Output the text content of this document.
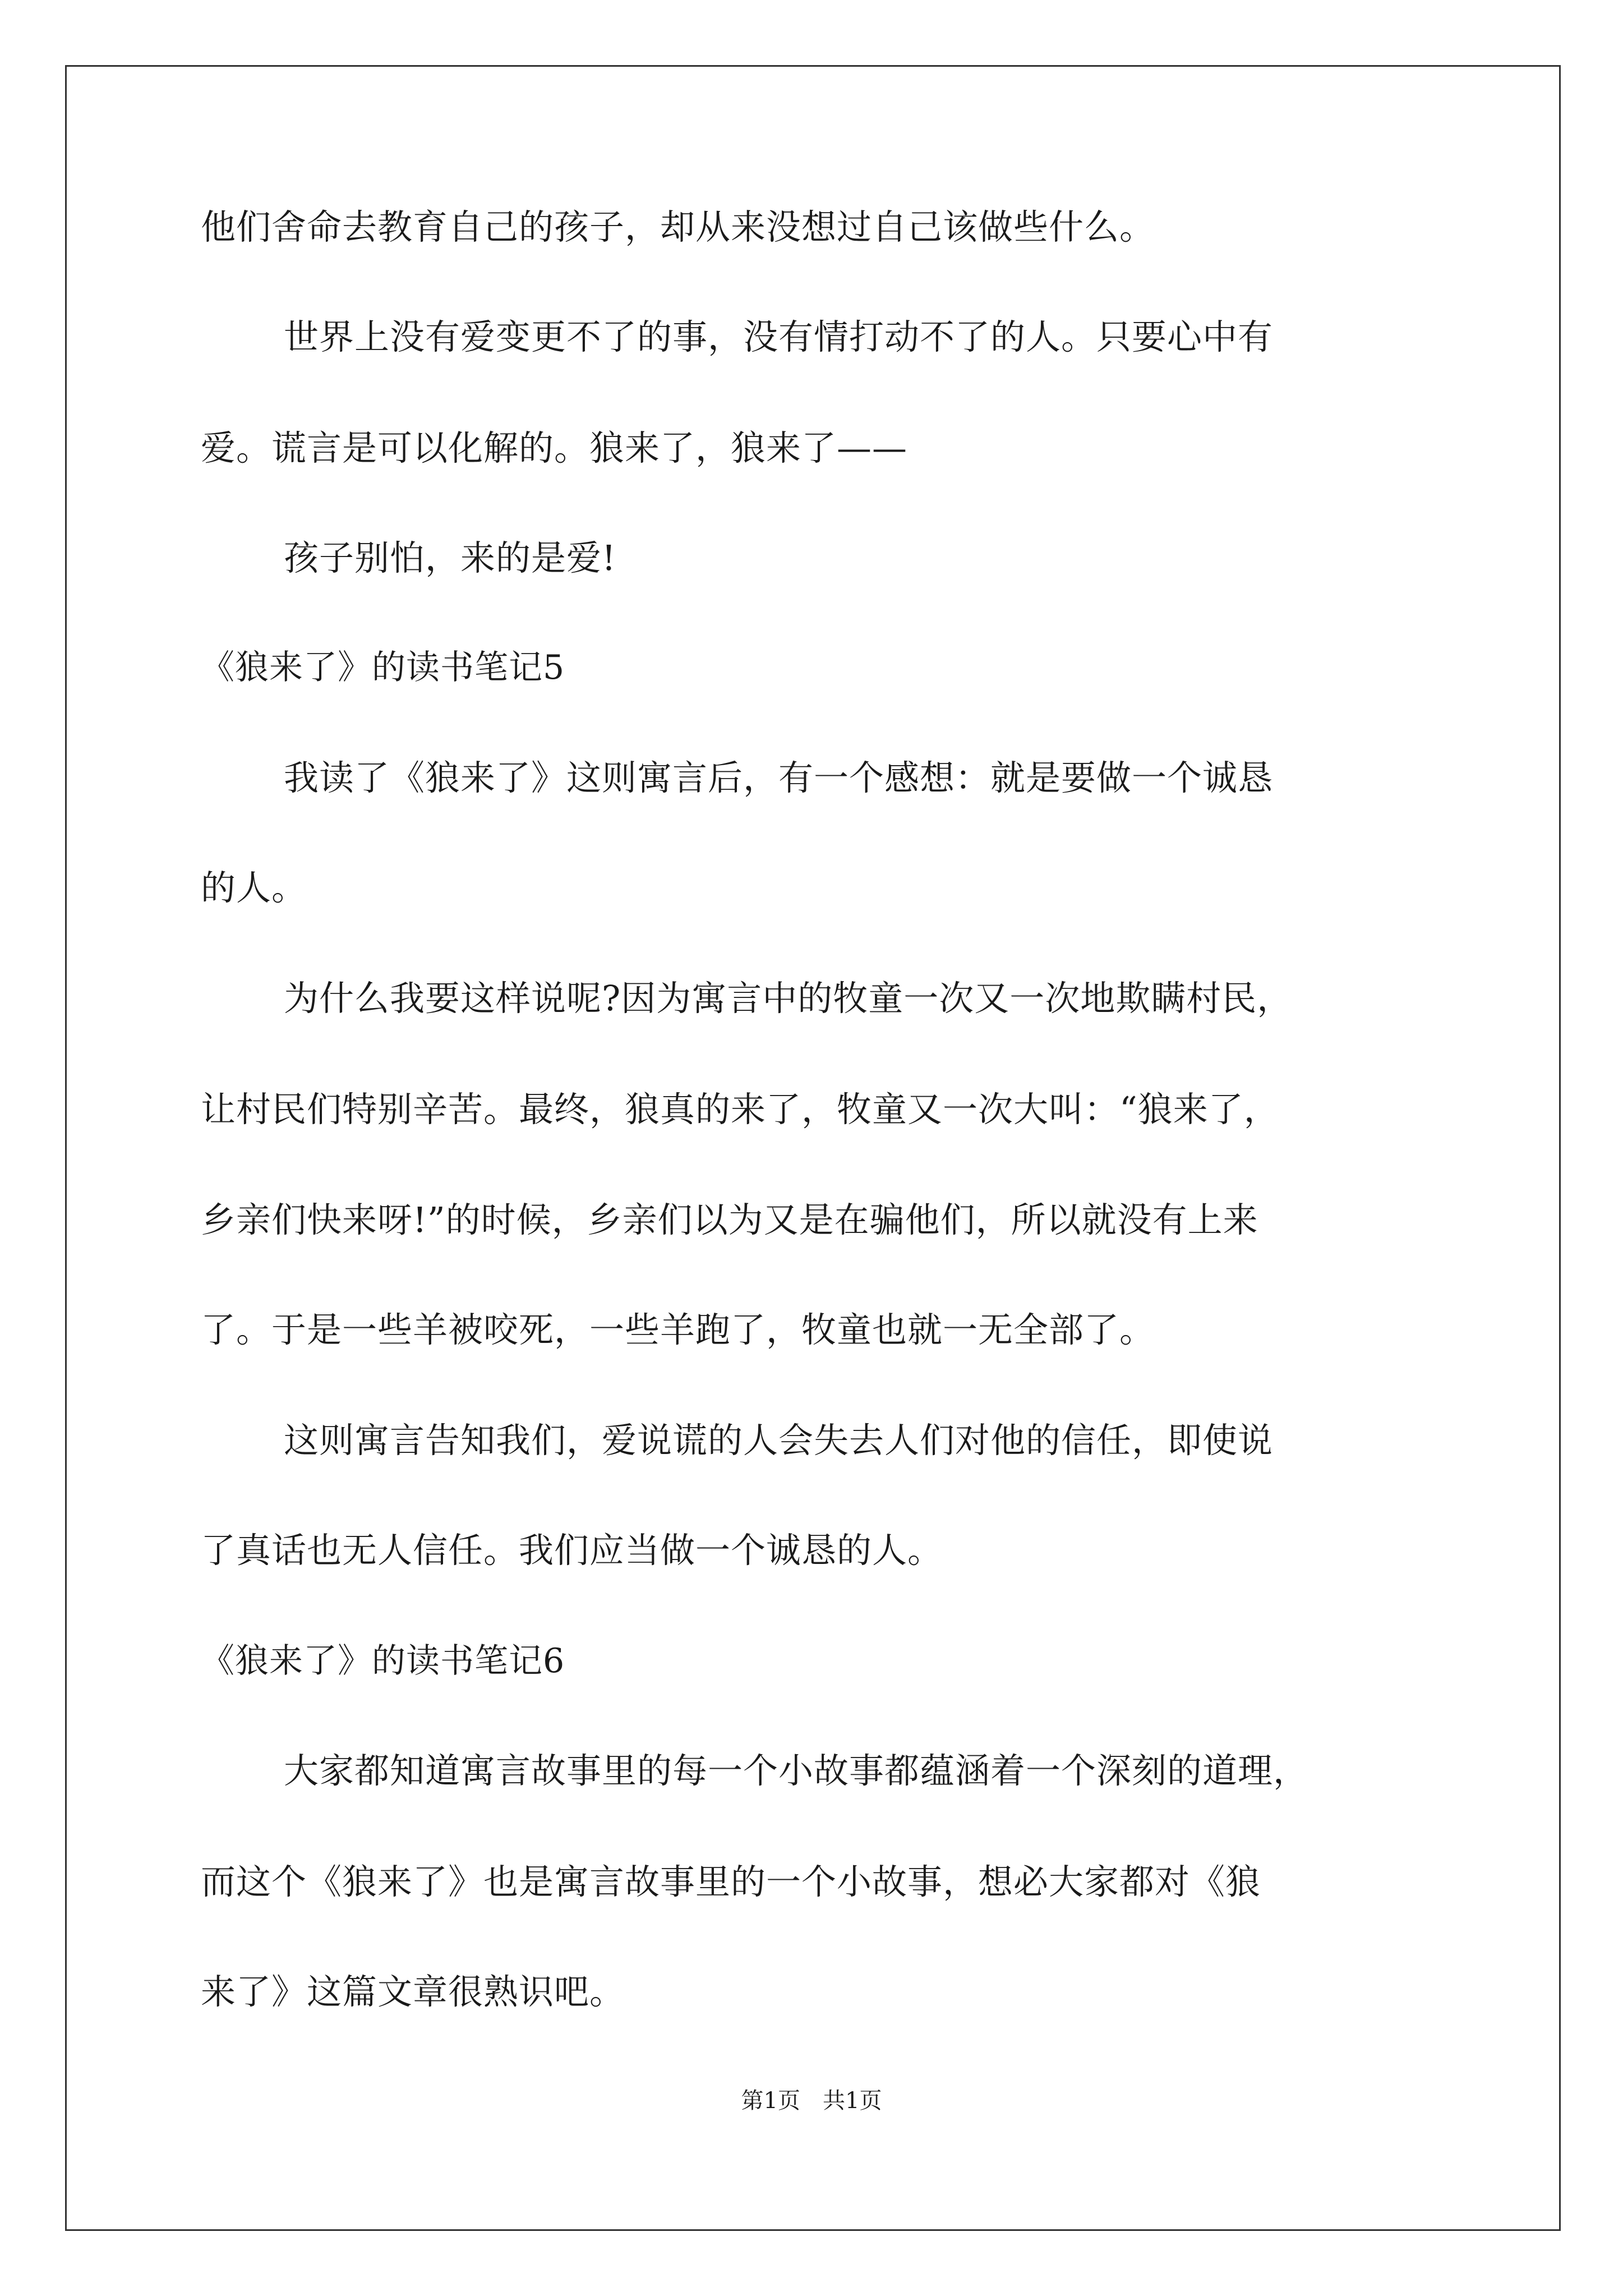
他们舍命去教育自己的孩子，却从来没想过自己该做些什么。
世界上没有爱变更不了的事，没有情打动不了的人。只要心中有
爱。谎言是可以化解的。狼来了，狼来了——
孩子别怕，来的是爱!
《狼来了》的读书笔记5
我读了《狼来了》这则寓言后，有一个感想：就是要做一个诚恳
的人。
为什么我要这样说呢?因为寓言中的牧童一次又一次地欺瞒村民，
让村民们特别辛苦。最终，狼真的来了，牧童又一次大叫：“狼来了，
乡亲们快来呀!”的时候，乡亲们以为又是在骗他们，所以就没有上来
了。于是一些羊被咬死，一些羊跑了，牧童也就一无全部了。
这则寓言告知我们，爱说谎的人会失去人们对他的信任，即使说
了真话也无人信任。我们应当做一个诚恳的人。
《狼来了》的读书笔记6
大家都知道寓言故事里的每一个小故事都蕴涵着一个深刻的道理，
而这个《狼来了》也是寓言故事里的一个小故事，想必大家都对《狼
来了》这篇文章很熟识吧。
第1页　共1页
